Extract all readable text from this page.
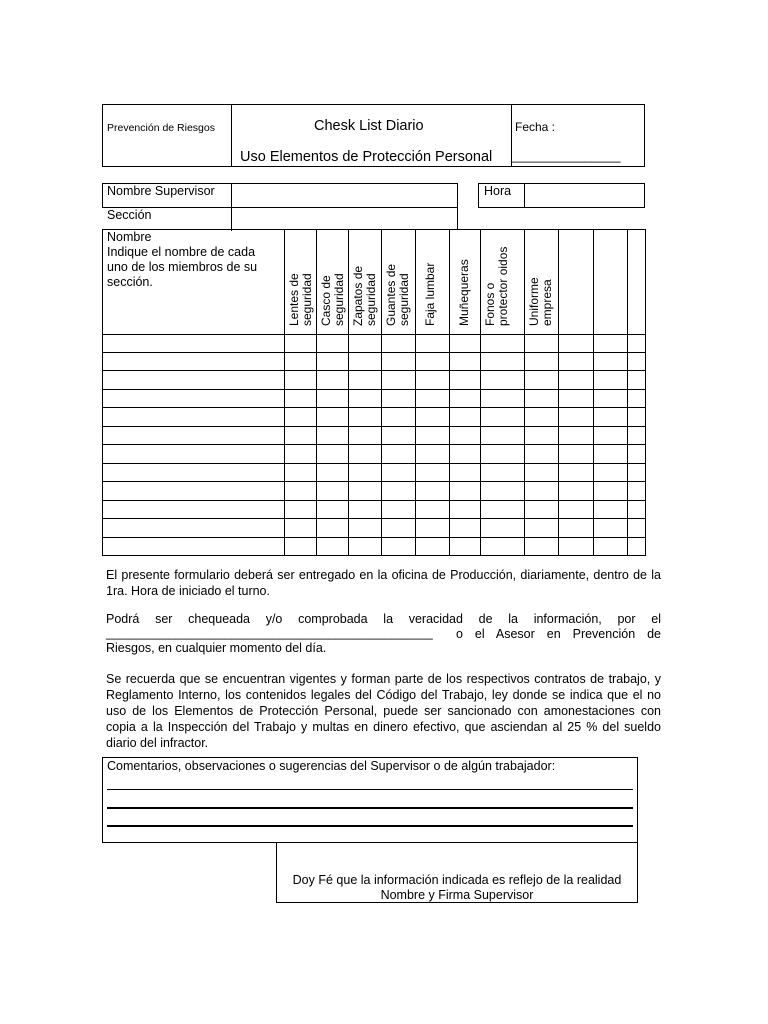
Prevención de Riesgos	Chesk List Diario
Uso Elementos de Protección Personal
Fecha :
_______________
Nombre Supervisor
Sección
Hora
Nombre
Indique el nombre de cada uno de los miembros de su sección.	Lentes de seguridad Casco de seguridad Zapatos de seguridad Guantes de seguridad Faja lumbar Muñequeras Fonos o protector oidos Uniforme empresa
El presente formulario deberá ser entregado en la oficina de Producción, diariamente, dentro de la 1ra. Hora de iniciado el turno.
Podrá ser chequeada y/o comprobada la veracidad de la información, por el
_______________________________________________ o el Asesor en Prevención de
Riesgos, en cualquier momento del día.
Se recuerda que se encuentran vigentes y forman parte de los respectivos contratos de trabajo, y Reglamento Interno, los contenidos legales del Código del Trabajo, ley donde se indica que el no uso de los Elementos de Protección Personal, puede ser sancionado con amonestaciones con copia a la Inspección del Trabajo y multas en dinero efectivo, que asciendan al 25 % del sueldo diario del infractor.
Comentarios, observaciones o sugerencias del Supervisor o de algún trabajador:
Doy Fé que la información indicada es reflejo de la realidad
Nombre y Firma Supervisor
